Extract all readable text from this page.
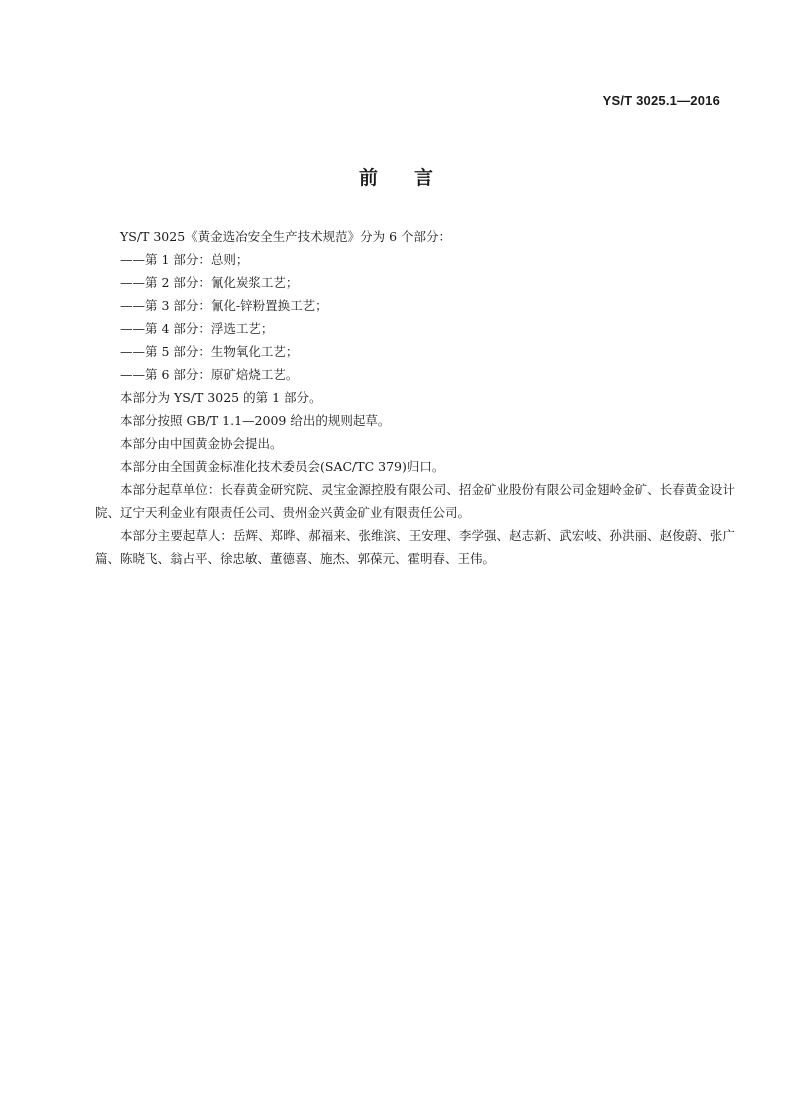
YS/T 3025.1—2016
前 言

YS/T 3025《黄金选冶安全生产技术规范》分为 6 个部分：

——第 1 部分：总则；

——第 2 部分：氰化炭浆工艺；

——第 3 部分：氰化-锌粉置换工艺；

——第 4 部分：浮选工艺；

——第 5 部分：生物氧化工艺；

——第 6 部分：原矿焙烧工艺。

本部分为 YS/T 3025 的第 1 部分。

本部分按照 GB/T 1.1—2009 给出的规则起草。

本部分由中国黄金协会提出。

本部分由全国黄金标准化技术委员会(SAC/TC 379)归口。

本部分起草单位：长春黄金研究院、灵宝金源控股有限公司、招金矿业股份有限公司金翅岭金矿、长春黄金设计院、辽宁天利金业有限责任公司、贵州金兴黄金矿业有限责任公司。

本部分主要起草人：岳辉、郑晔、郝福来、张维滨、王安理、李学强、赵志新、武宏岐、孙洪丽、赵俊蔚、张广篇、陈晓飞、翁占平、徐忠敏、董德喜、施杰、郭葆元、霍明春、王伟。
